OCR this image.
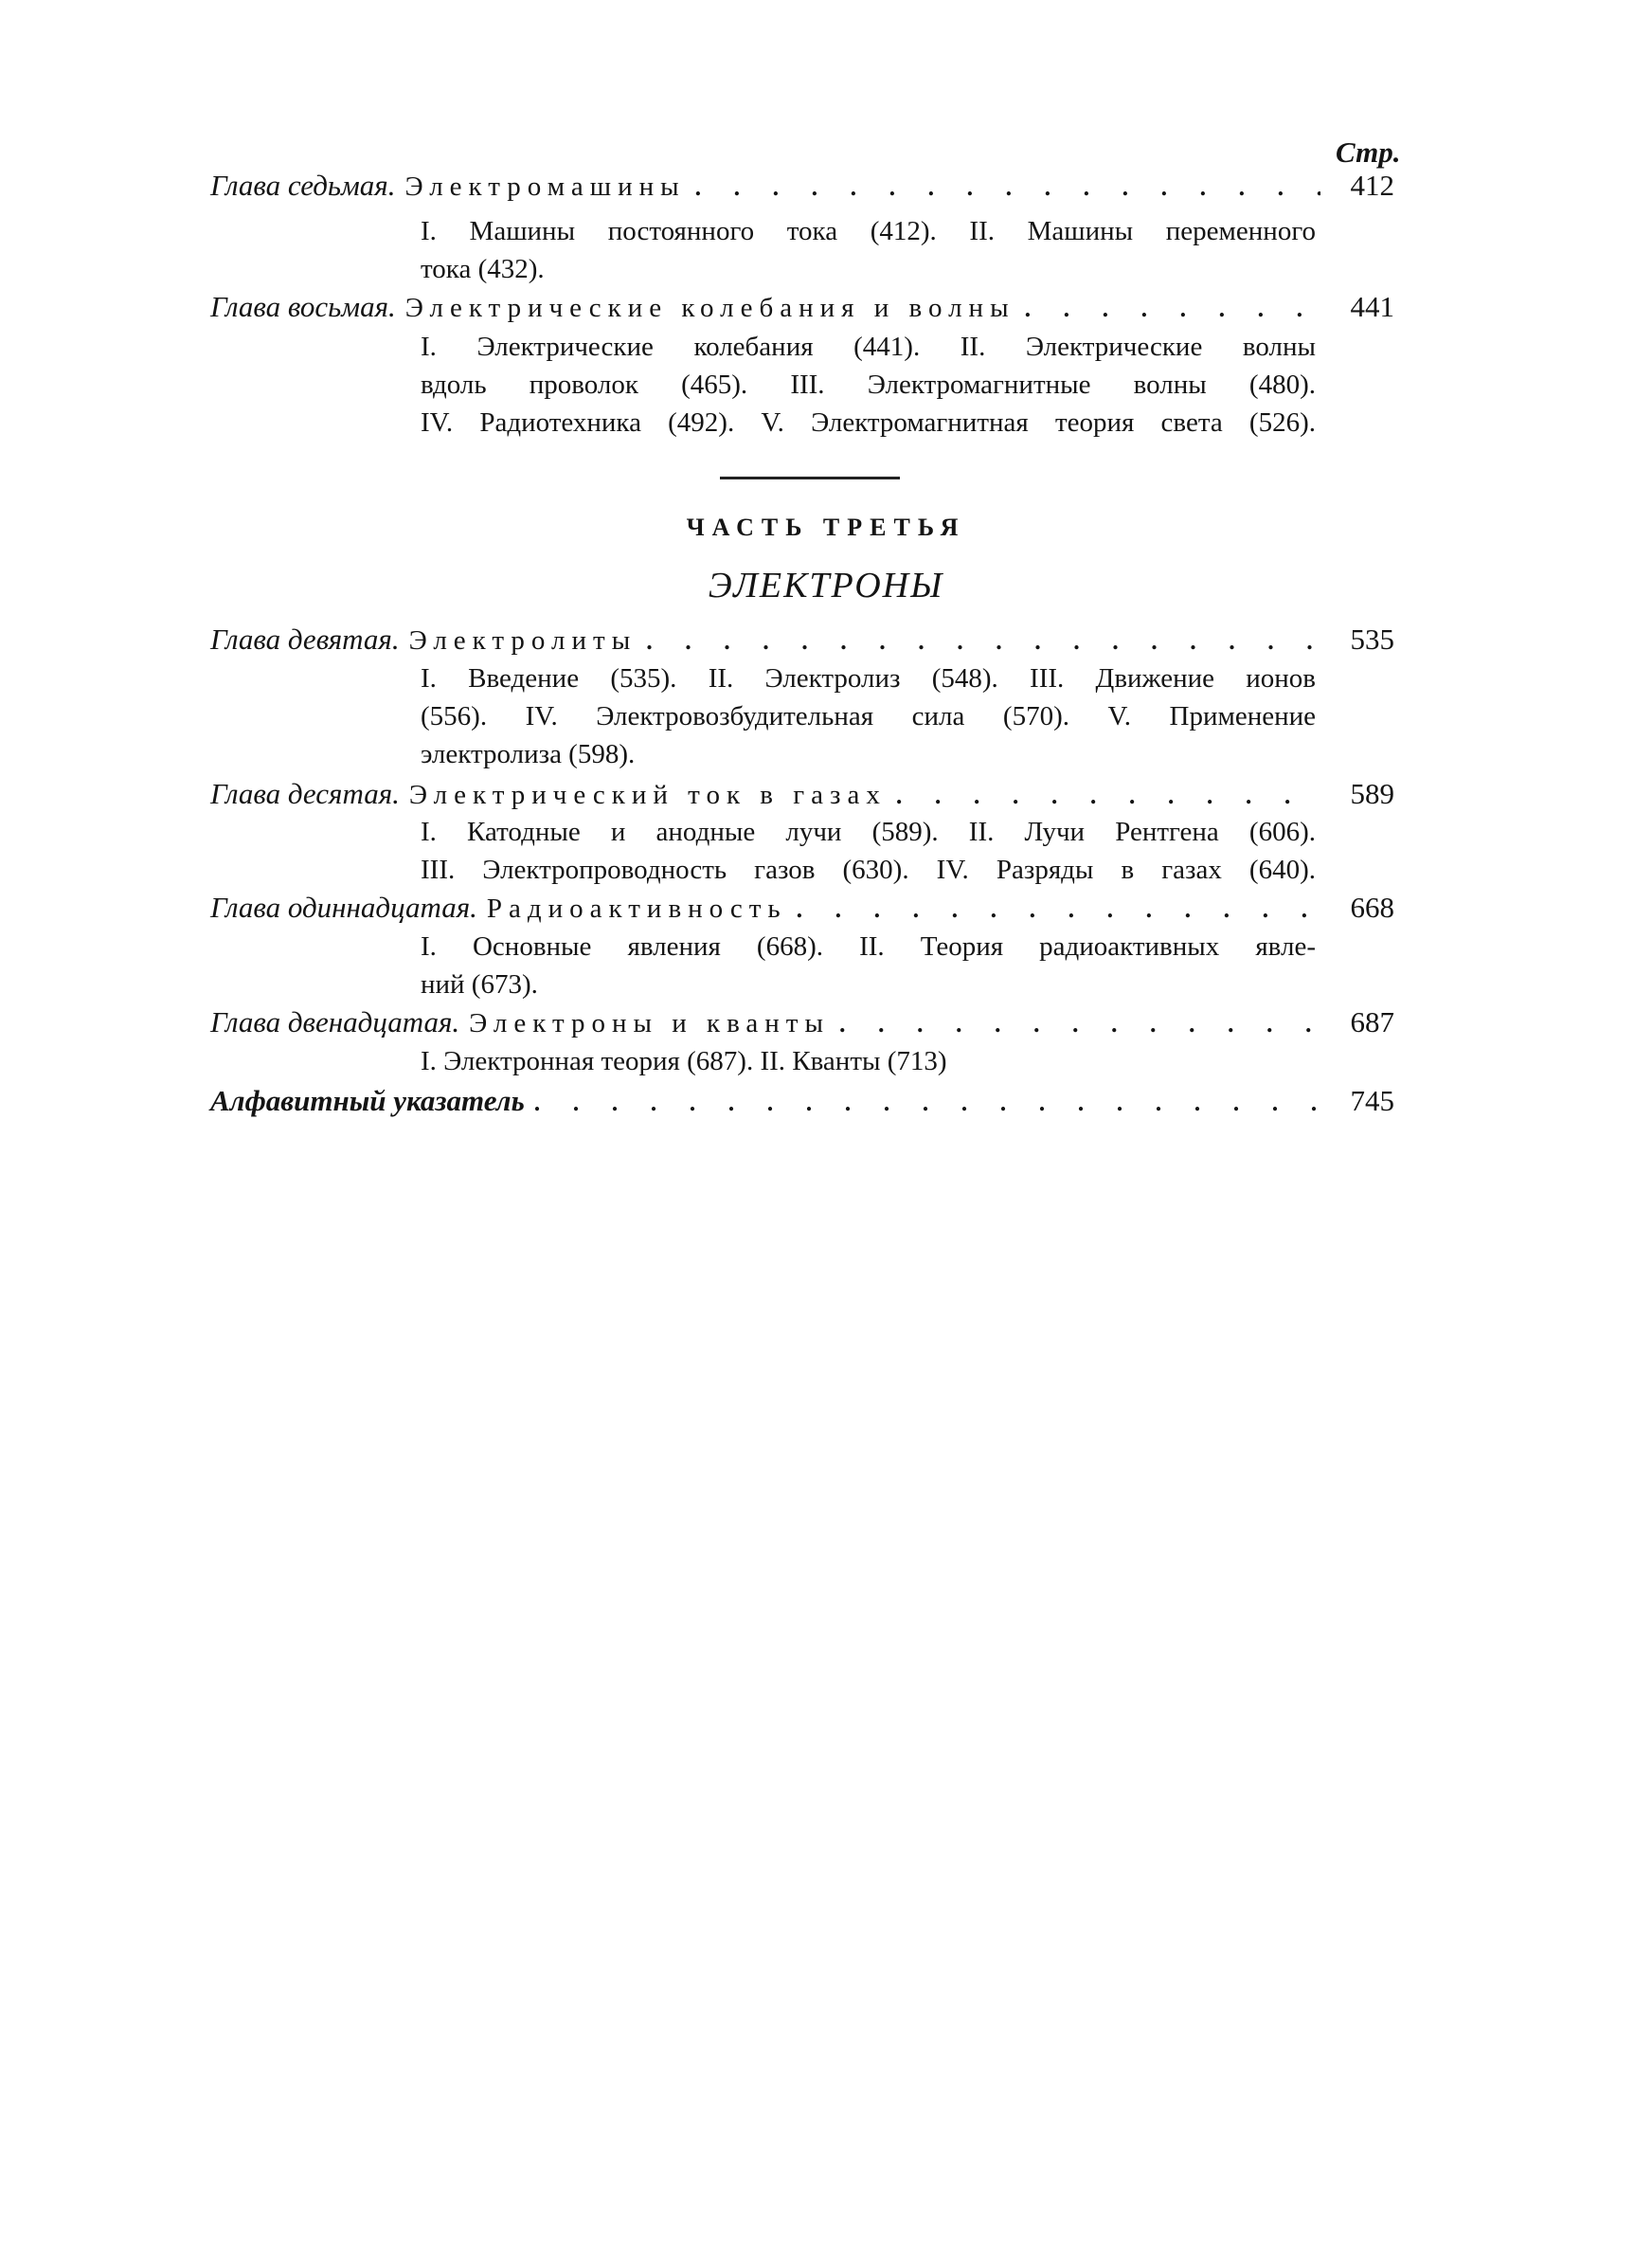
Стр.
Глава седьмая. Электромашины . . .	412
I. Машины постоянного тока (412). II. Машины переменного
тока (432).
Глава восьмая. Электрические колебания и волны . . .	441
I. Электрические колебания (441). II. Электрические волны
вдоль проволок (465). III. Электромагнитные волны (480).
IV. Радиотехника (492). V. Электромагнитная теория света (526).
ЧАСТЬ ТРЕТЬЯ
ЭЛЕКТРОНЫ
Глава девятая. Электролиты . . .	535
I. Введение (535). II. Электролиз (548). III. Движение ионов
(556). IV. Электровозбудительная сила (570). V. Применение
электролиза (598).
Глава десятая. Электрический ток в газах . . .	589
I. Катодные и анодные лучи (589). II. Лучи Рентгена (606).
III. Электропроводность газов (630). IV. Разряды в газах (640).
Глава одиннадцатая. Радиоактивность . . .	668
I. Основные явления (668). II. Теория радиоактивных явле-
ний (673).
Глава двенадцатая. Электроны и кванты . . .	687
I. Электронная теория (687). II. Кванты (713)
Алфавитный указатель . . .	745
